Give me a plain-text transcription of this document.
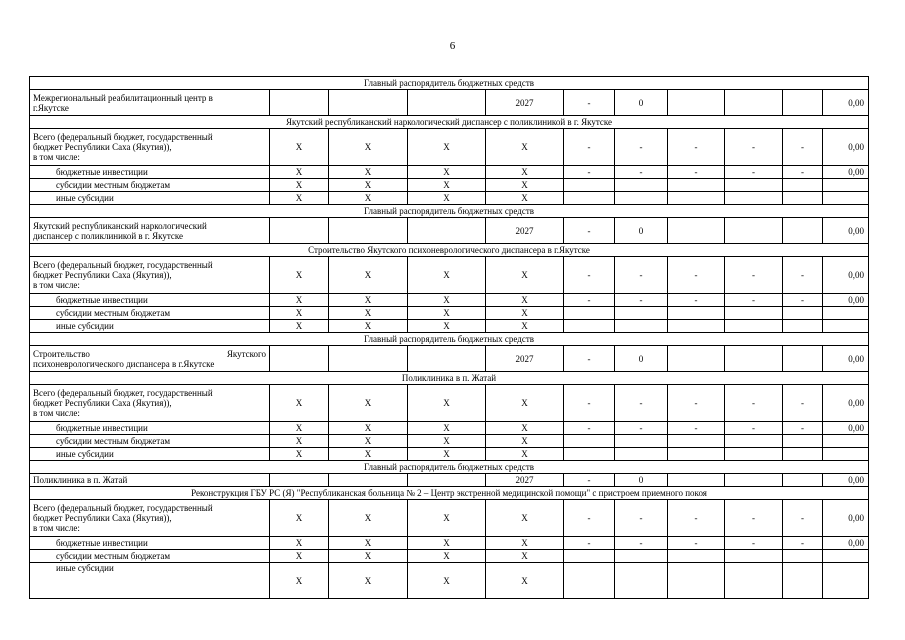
6
Главный распорядитель бюджетных средств										

Межрегиональный реабилитационный центр в
г.Якутске				2027	-	0				0,00
Якутский республиканский наркологический диспансер с поликлиникой в г. Якутске										

Всего (федеральный бюджет, государственный
бюджет Республики Саха (Якутия)),
в том числе:	X	X	X	X	-	-	-	-	-	0,00
бюджетные инвестиции	X	X	X	X	-	-	-	-	-	0,00
субсидии местным бюджетам	X	X	X	X						
иные субсидии	X	X	X	X						
Главный распорядитель бюджетных средств										

Якутский республиканский наркологический
диспансер с поликлиникой в г. Якутске				2027	-	0				0,00
Строительство Якутского психоневрологического диспансера в г.Якутске										

Всего (федеральный бюджет, государственный
бюджет Республики Саха (Якутия)),
в том числе:	X	X	X	X	-	-	-	-	-	0,00
бюджетные инвестиции	X	X	X	X	-	-	-	-	-	0,00
субсидии местным бюджетам	X	X	X	X						
иные субсидии	X	X	X	X						
Главный распорядитель бюджетных средств										

Строительство Якутского
психоневрологического диспансера в г.Якутске				2027	-	0				0,00
Поликлиника в п. Жатай										

Всего (федеральный бюджет, государственный
бюджет Республики Саха (Якутия)),
в том числе:	X	X	X	X	-	-	-	-	-	0,00
бюджетные инвестиции	X	X	X	X	-	-	-	-	-	0,00
субсидии местным бюджетам	X	X	X	X						
иные субсидии	X	X	X	X						
Главный распорядитель бюджетных средств										
Поликлиника в п. Жатай				2027	-	0				0,00
Реконструкция ГБУ РС (Я) "Республиканская больница № 2 – Центр экстренной медицинской помощи" с пристроем приемного покоя										

Всего (федеральный бюджет, государственный
бюджет Республики Саха (Якутия)),
в том числе:	X	X	X	X	-	-	-	-	-	0,00
бюджетные инвестиции	X	X	X	X	-	-	-	-	-	0,00
субсидии местным бюджетам	X	X	X	X						
иные субсидии	X	X	X	X						
